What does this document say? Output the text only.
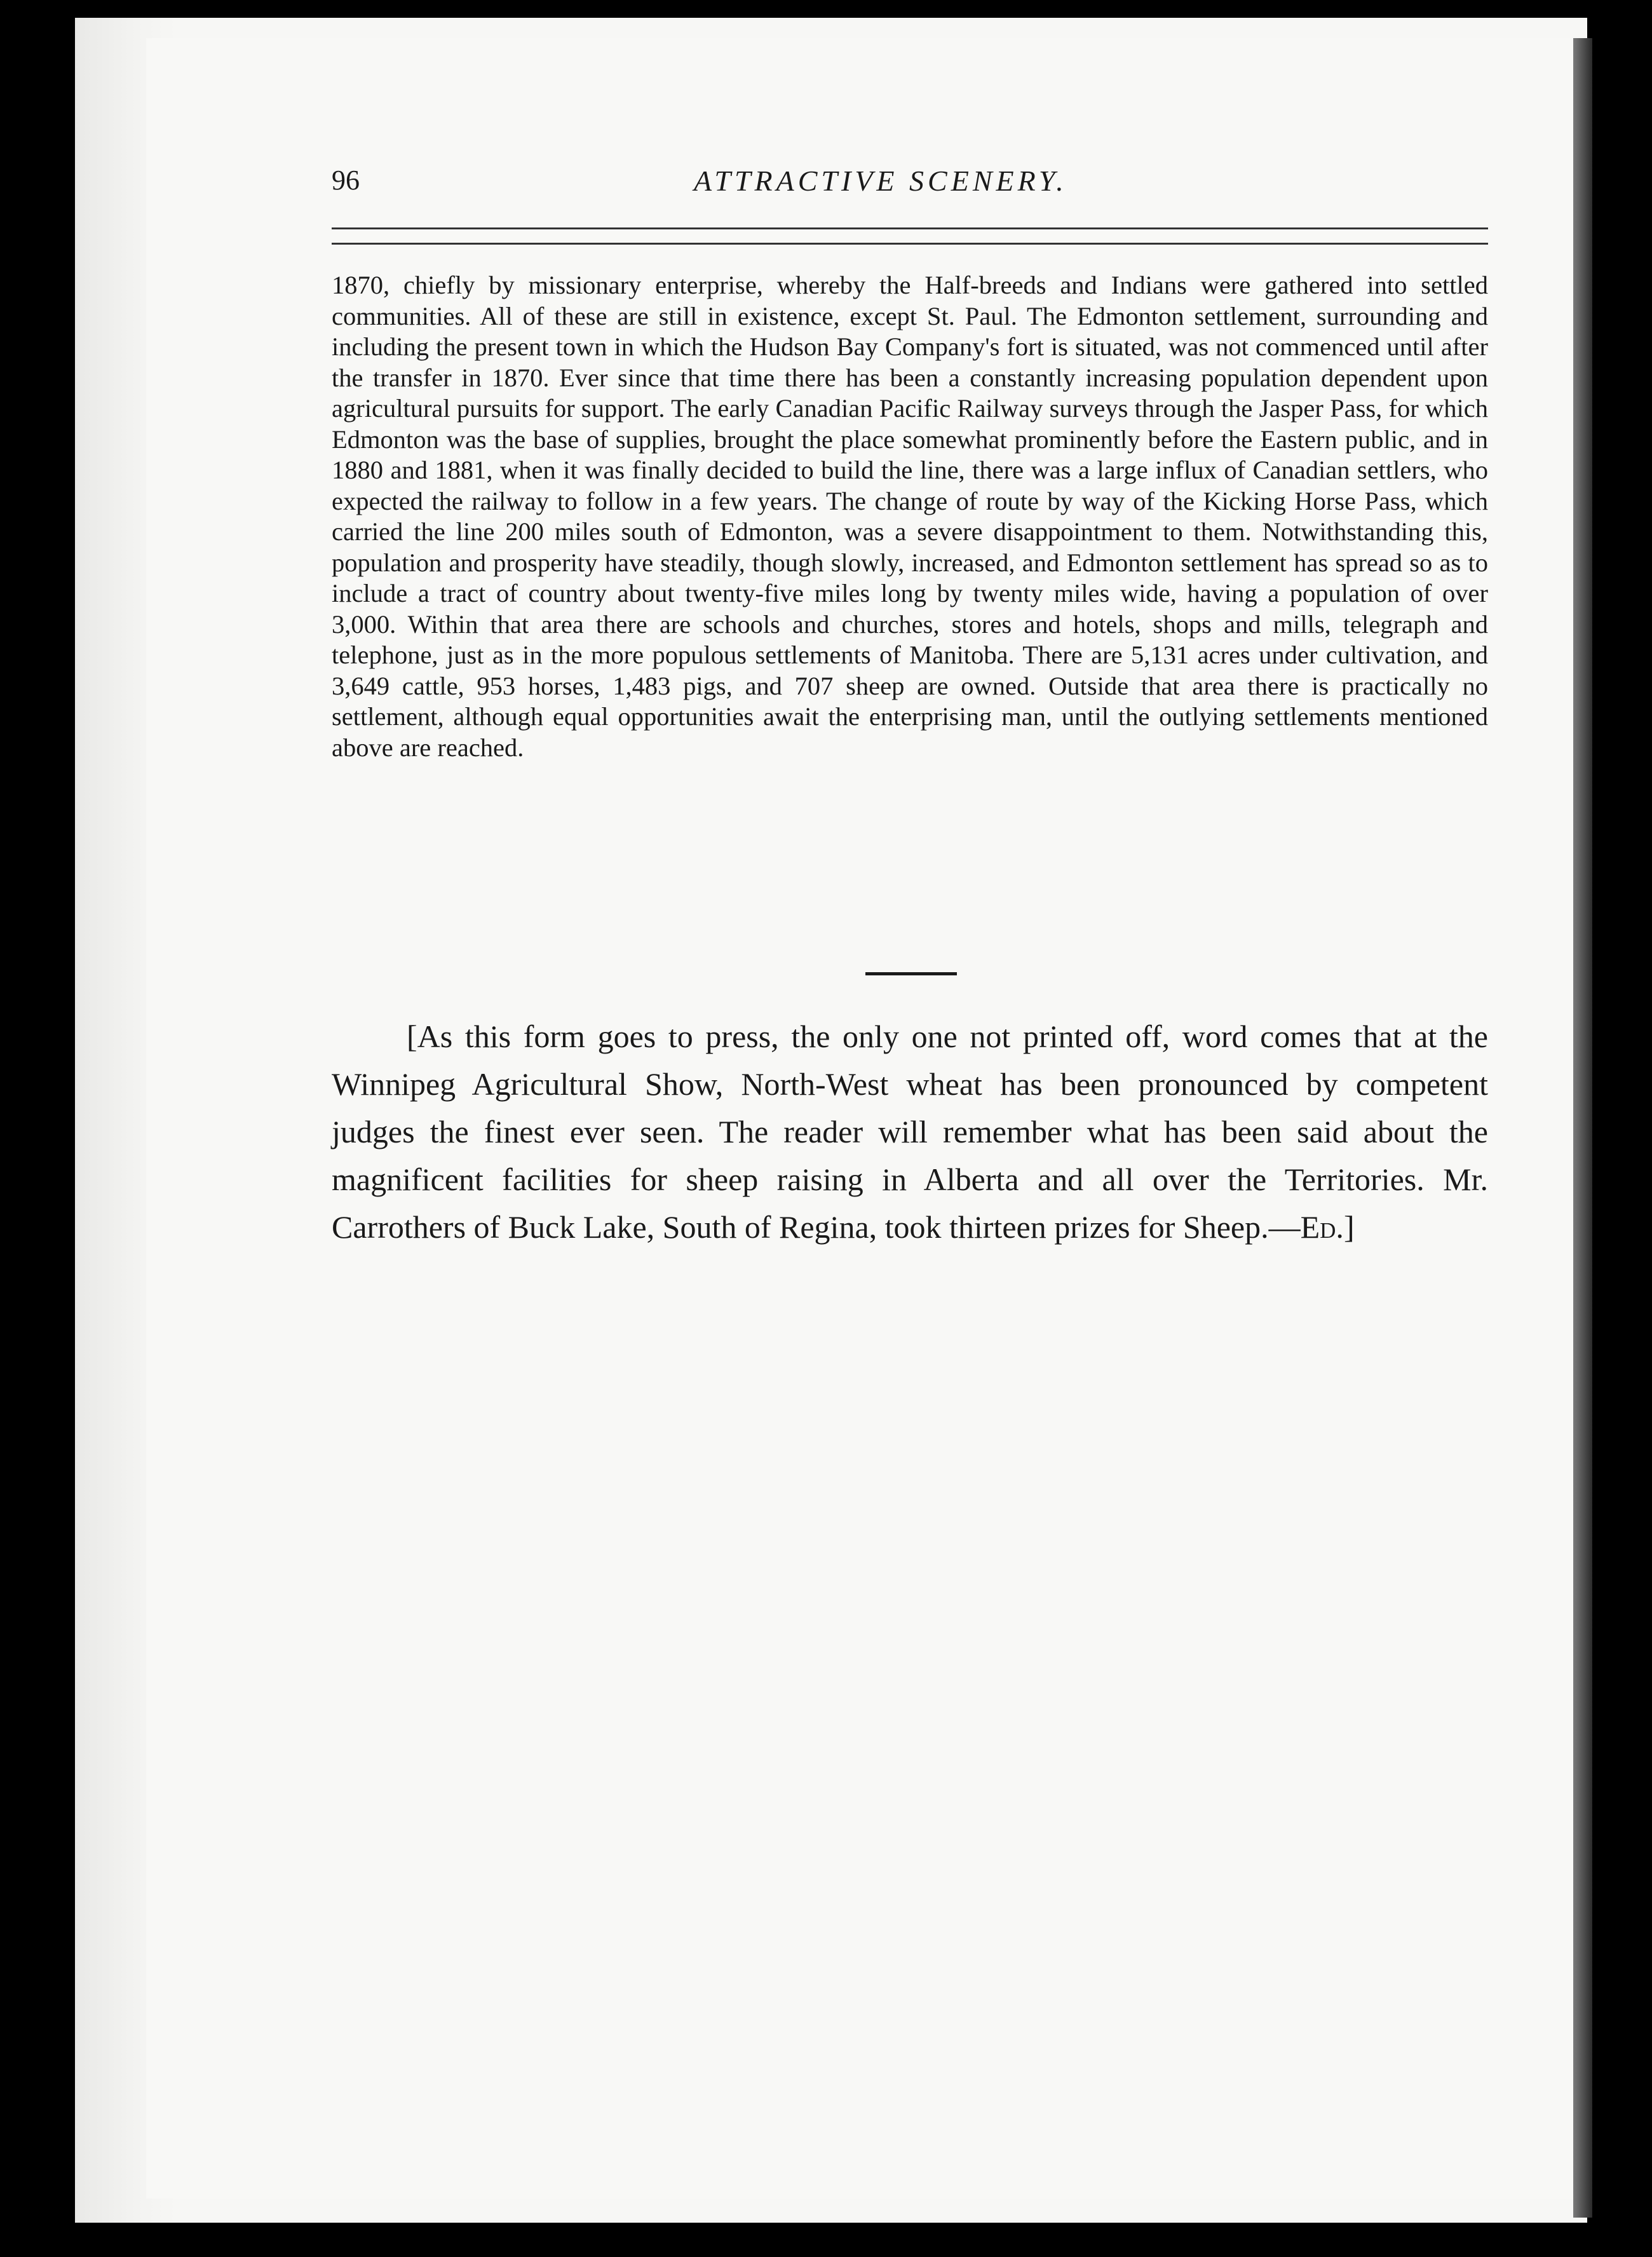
96	ATTRACTIVE SCENERY.

1870, chiefly by missionary enterprise, whereby the Half-breeds and Indians were gathered into settled communities. All of these are still in existence, except St. Paul. The Edmonton settlement, surrounding and including the present town in which the Hudson Bay Company's fort is situated, was not commenced until after the transfer in 1870. Ever since that time there has been a constantly increasing population dependent upon agricultural pursuits for support. The early Canadian Pacific Railway surveys through the Jasper Pass, for which Edmonton was the base of supplies, brought the place somewhat prominently before the Eastern public, and in 1880 and 1881, when it was finally decided to build the line, there was a large influx of Canadian settlers, who expected the railway to follow in a few years. The change of route by way of the Kicking Horse Pass, which carried the line 200 miles south of Edmonton, was a severe disappointment to them. Notwithstanding this, population and prosperity have steadily, though slowly, increased, and Edmonton settlement has spread so as to include a tract of country about twenty-five miles long by twenty miles wide, having a population of over 3,000. Within that area there are schools and churches, stores and hotels, shops and mills, telegraph and telephone, just as in the more populous settlements of Manitoba. There are 5,131 acres under cultivation, and 3,649 cattle, 953 horses, 1,483 pigs, and 707 sheep are owned. Outside that area there is practically no settlement, although equal opportunities await the enterprising man, until the outlying settlements mentioned above are reached.

[As this form goes to press, the only one not printed off, word comes that at the Winnipeg Agricultural Show, North-West wheat has been pronounced by competent judges the finest ever seen. The reader will remember what has been said about the magnificent facilities for sheep raising in Alberta and all over the Territories. Mr. Carrothers of Buck Lake, South of Regina, took thirteen prizes for Sheep.—Ed.]
